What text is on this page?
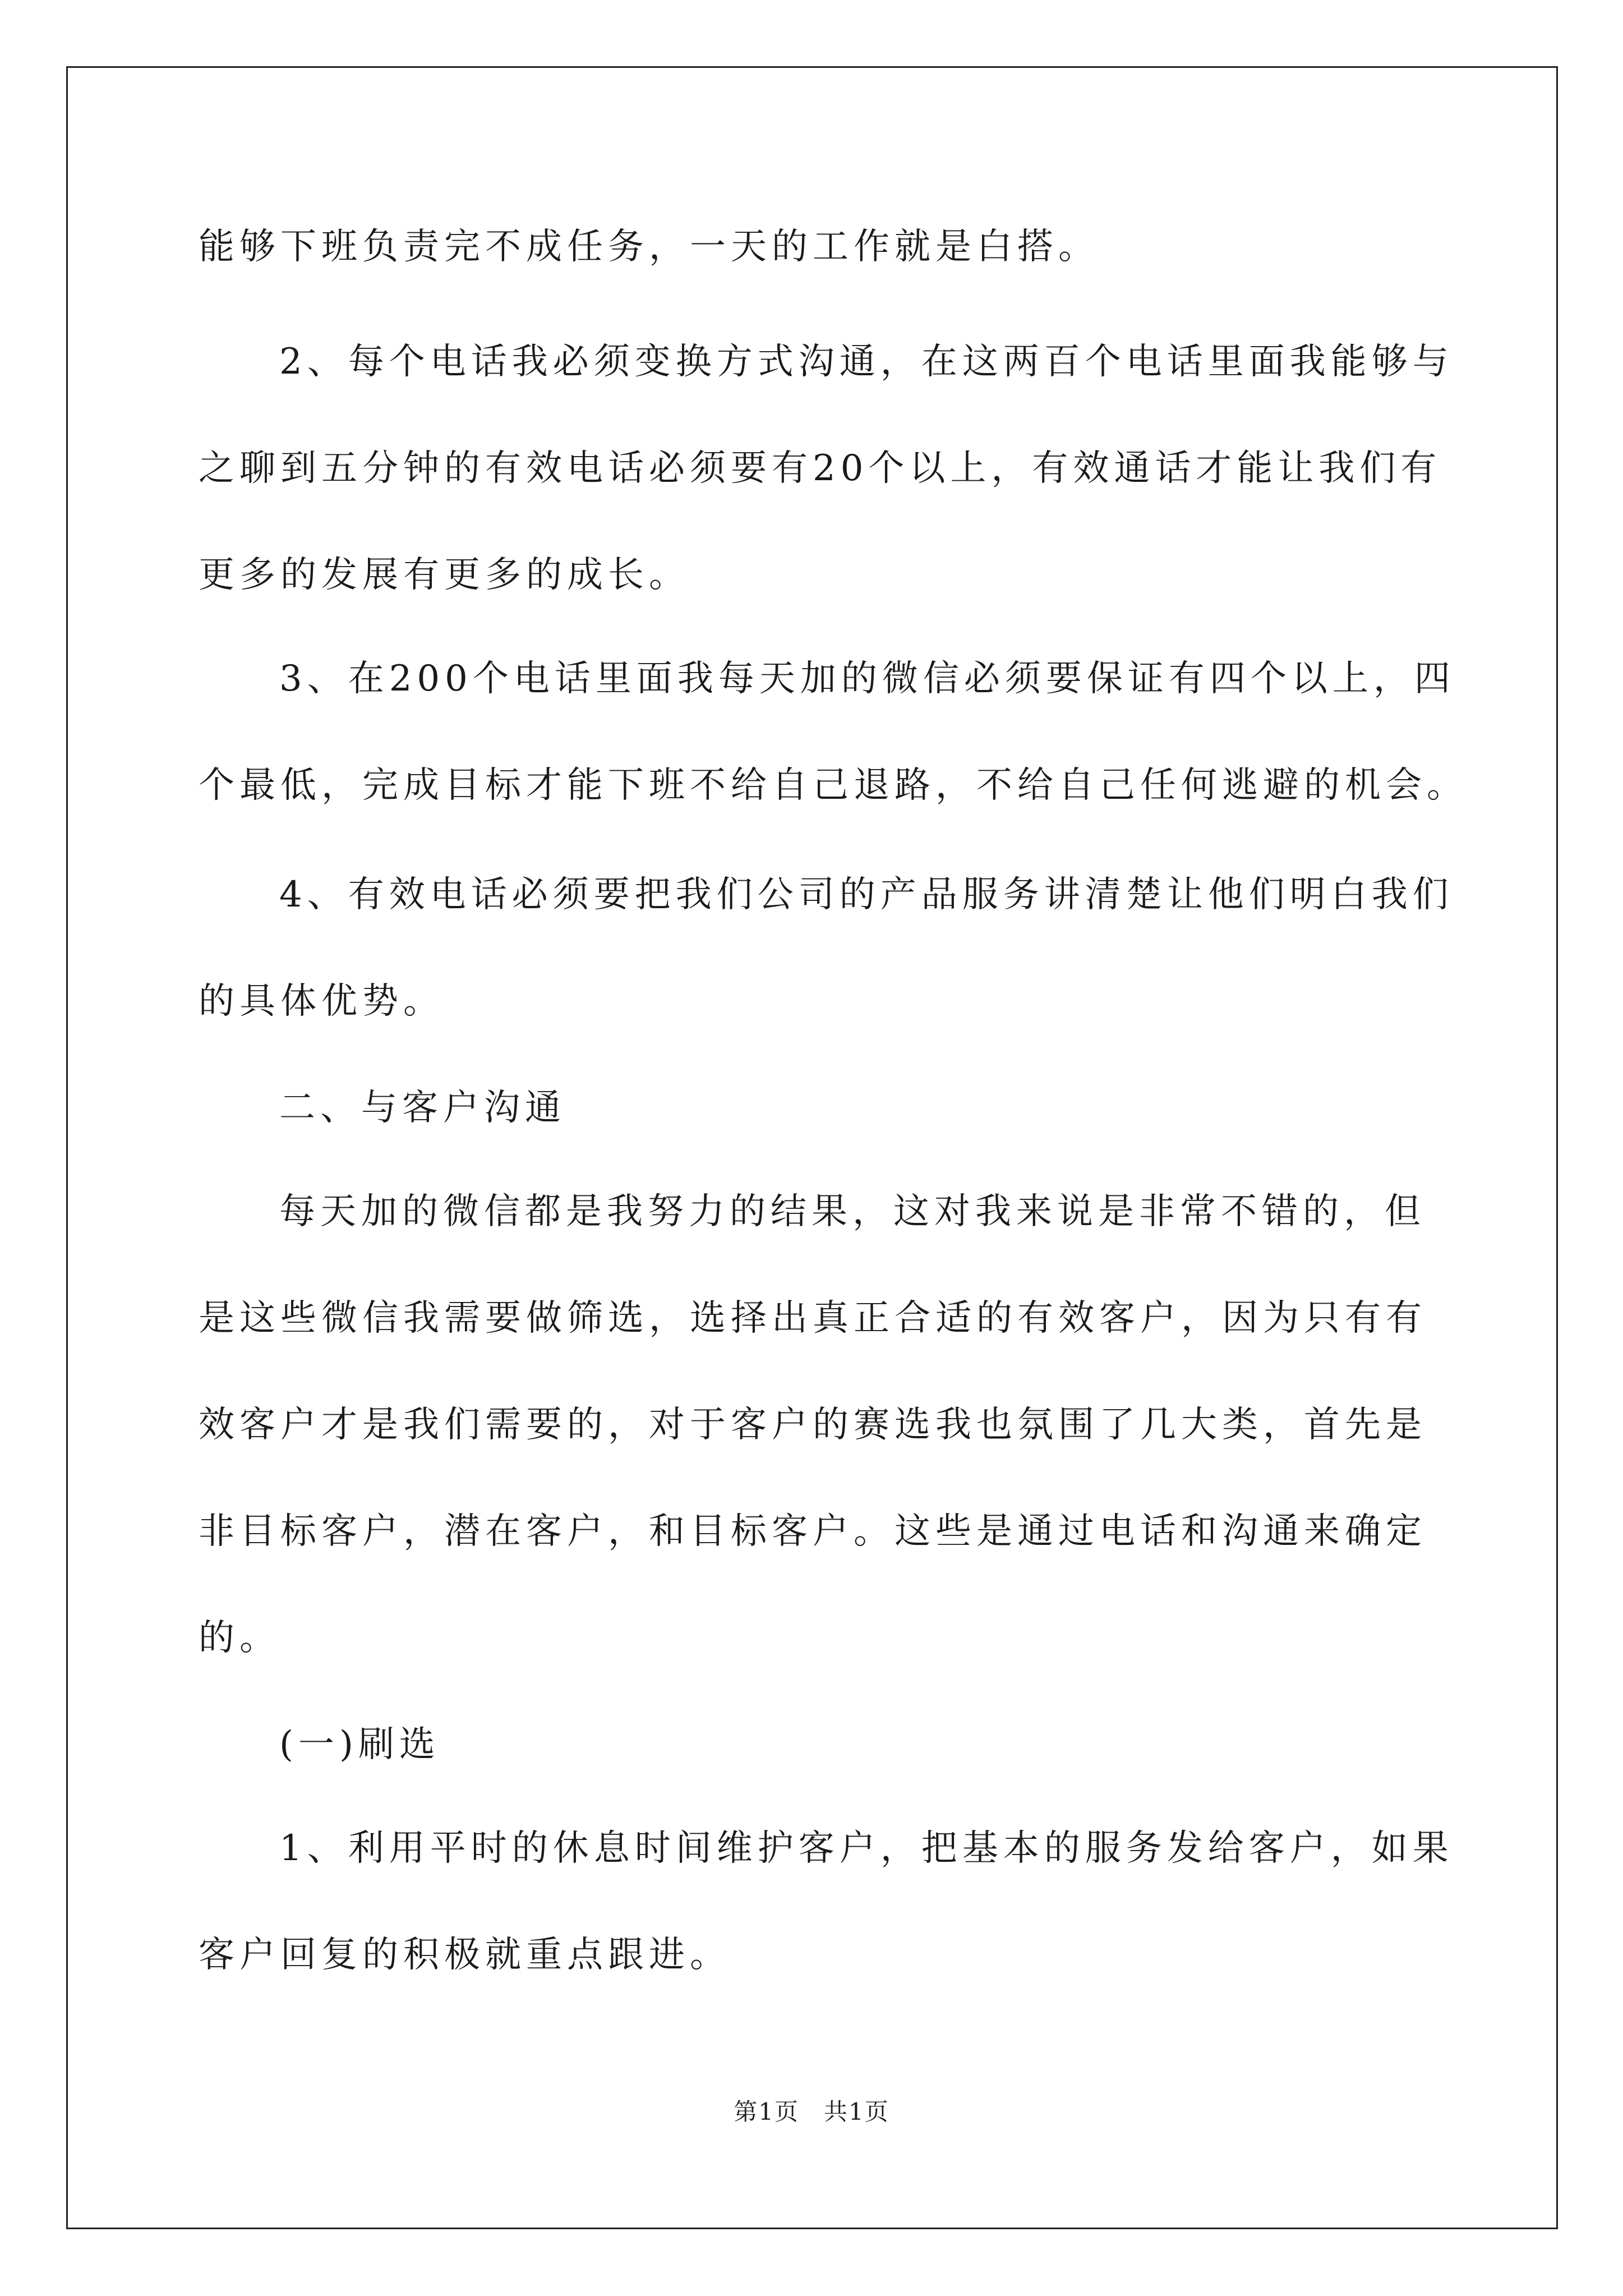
能够下班负责完不成任务，一天的工作就是白搭。
2、每个电话我必须变换方式沟通，在这两百个电话里面我能够与
之聊到五分钟的有效电话必须要有20个以上，有效通话才能让我们有
更多的发展有更多的成长。
3、在200个电话里面我每天加的微信必须要保证有四个以上，四
个最低，完成目标才能下班不给自己退路，不给自己任何逃避的机会。
4、有效电话必须要把我们公司的产品服务讲清楚让他们明白我们
的具体优势。
二、与客户沟通
每天加的微信都是我努力的结果，这对我来说是非常不错的，但
是这些微信我需要做筛选，选择出真正合适的有效客户，因为只有有
效客户才是我们需要的，对于客户的赛选我也氛围了几大类，首先是
非目标客户，潜在客户，和目标客户。这些是通过电话和沟通来确定
的。
(一)刷选
1、利用平时的休息时间维护客户，把基本的服务发给客户，如果
客户回复的积极就重点跟进。
第1页　共1页
